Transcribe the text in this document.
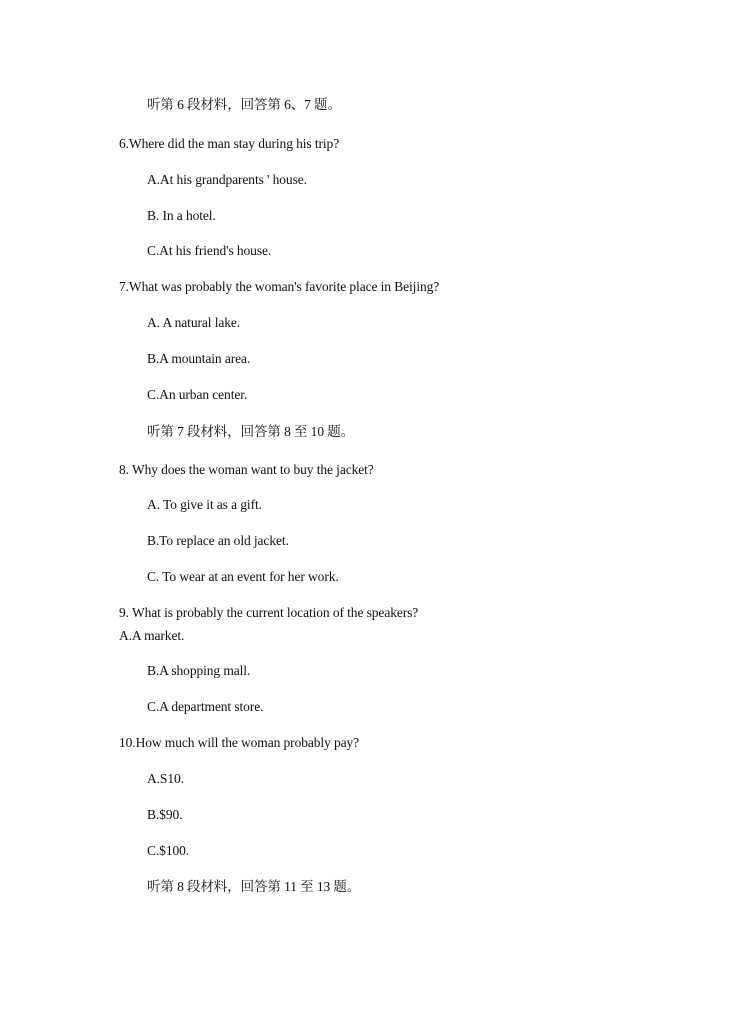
听第 6 段材料，回答第 6、7 题。
6.Where did the man stay during his trip?
A.At his grandparents ' house.
B. In a hotel.
C.At his friend's house.
7.What was probably the woman's favorite place in Beijing?
A. A natural lake.
B.A mountain area.
C.An urban center.
听第 7 段材料，回答第 8 至 10 题。
8. Why does the woman want to buy the jacket?
A. To give it as a gift.
B.To replace an old jacket.
C. To wear at an event for her work.
9. What is probably the current location of the speakers?
A.A market.
B.A shopping mall.
C.A department store.
10.How much will the woman probably pay?
A.S10.
B.$90.
C.$100.
听第 8 段材料，回答第 11 至 13 题。
